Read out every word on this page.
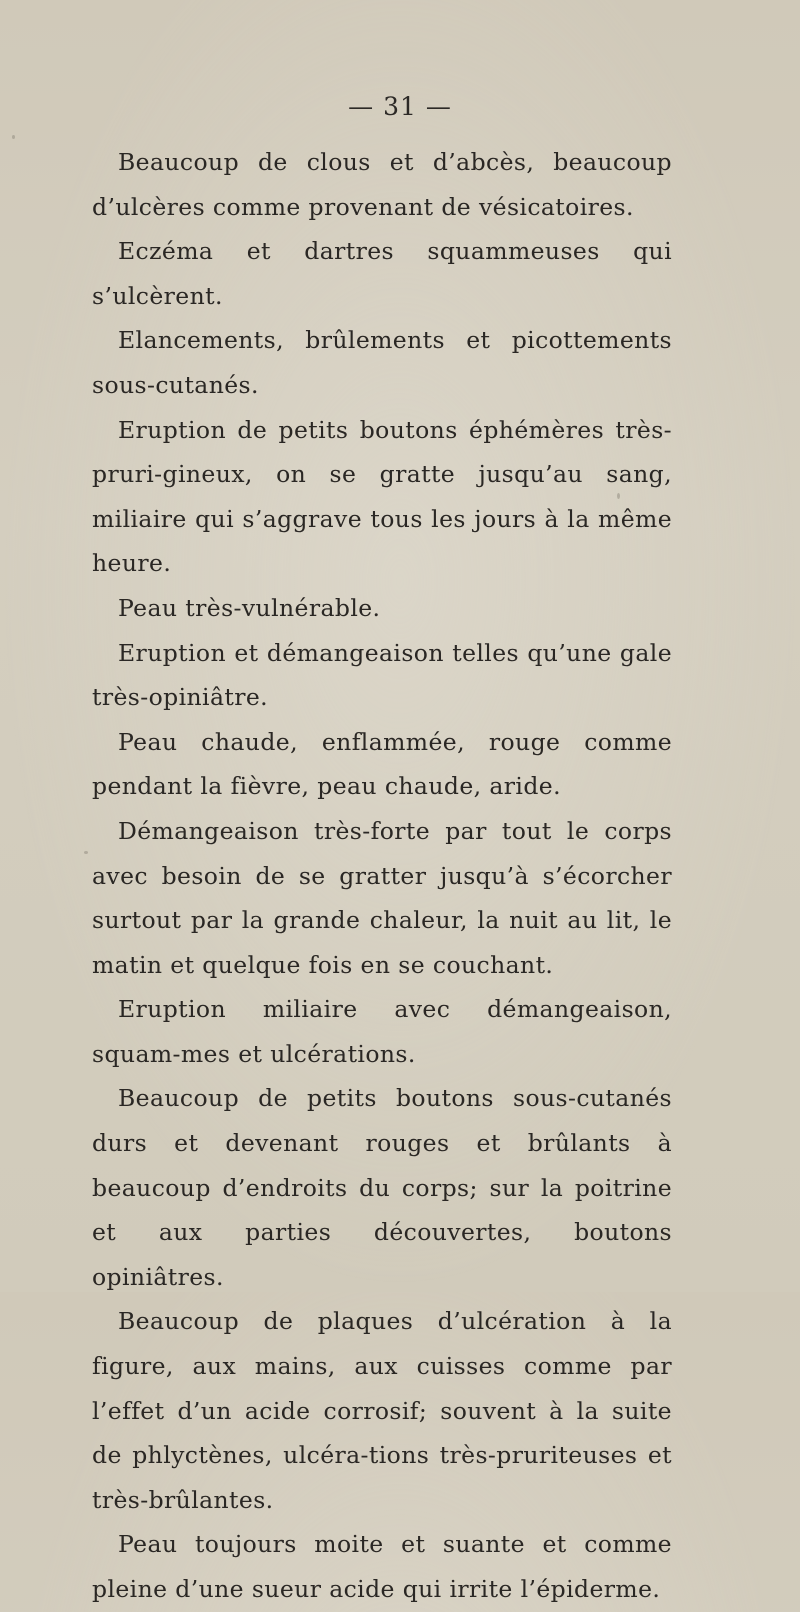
— 31 —

Beaucoup de clous et d’abcès, beaucoup d’ulcères comme provenant de vésicatoires.

Eczéma et dartres squammeuses qui s’ulcèrent.

Elancements, brûlements et picottements sous-cutanés.

Eruption de petits boutons éphémères très-pruri-gineux, on se gratte jusqu’au sang, miliaire qui s’aggrave tous les jours à la même heure.

Peau très-vulnérable.

Eruption et démangeaison telles qu’une gale très-opiniâtre.

Peau chaude, enflammée, rouge comme pendant la fièvre, peau chaude, aride.

Démangeaison très-forte par tout le corps avec besoin de se gratter jusqu’à s’écorcher surtout par la grande chaleur, la nuit au lit, le matin et quelque fois en se couchant.

Eruption miliaire avec démangeaison, squam-mes et ulcérations.

Beaucoup de petits boutons sous-cutanés durs et devenant rouges et brûlants à beaucoup d’endroits du corps; sur la poitrine et aux parties découvertes, boutons opiniâtres.

Beaucoup de plaques d’ulcération à la figure, aux mains, aux cuisses comme par l’effet d’un acide corrosif; souvent à la suite de phlyctènes, ulcéra-tions très-pruriteuses et très-brûlantes.

Peau toujours moite et suante et comme pleine d’une sueur acide qui irrite l’épiderme.
